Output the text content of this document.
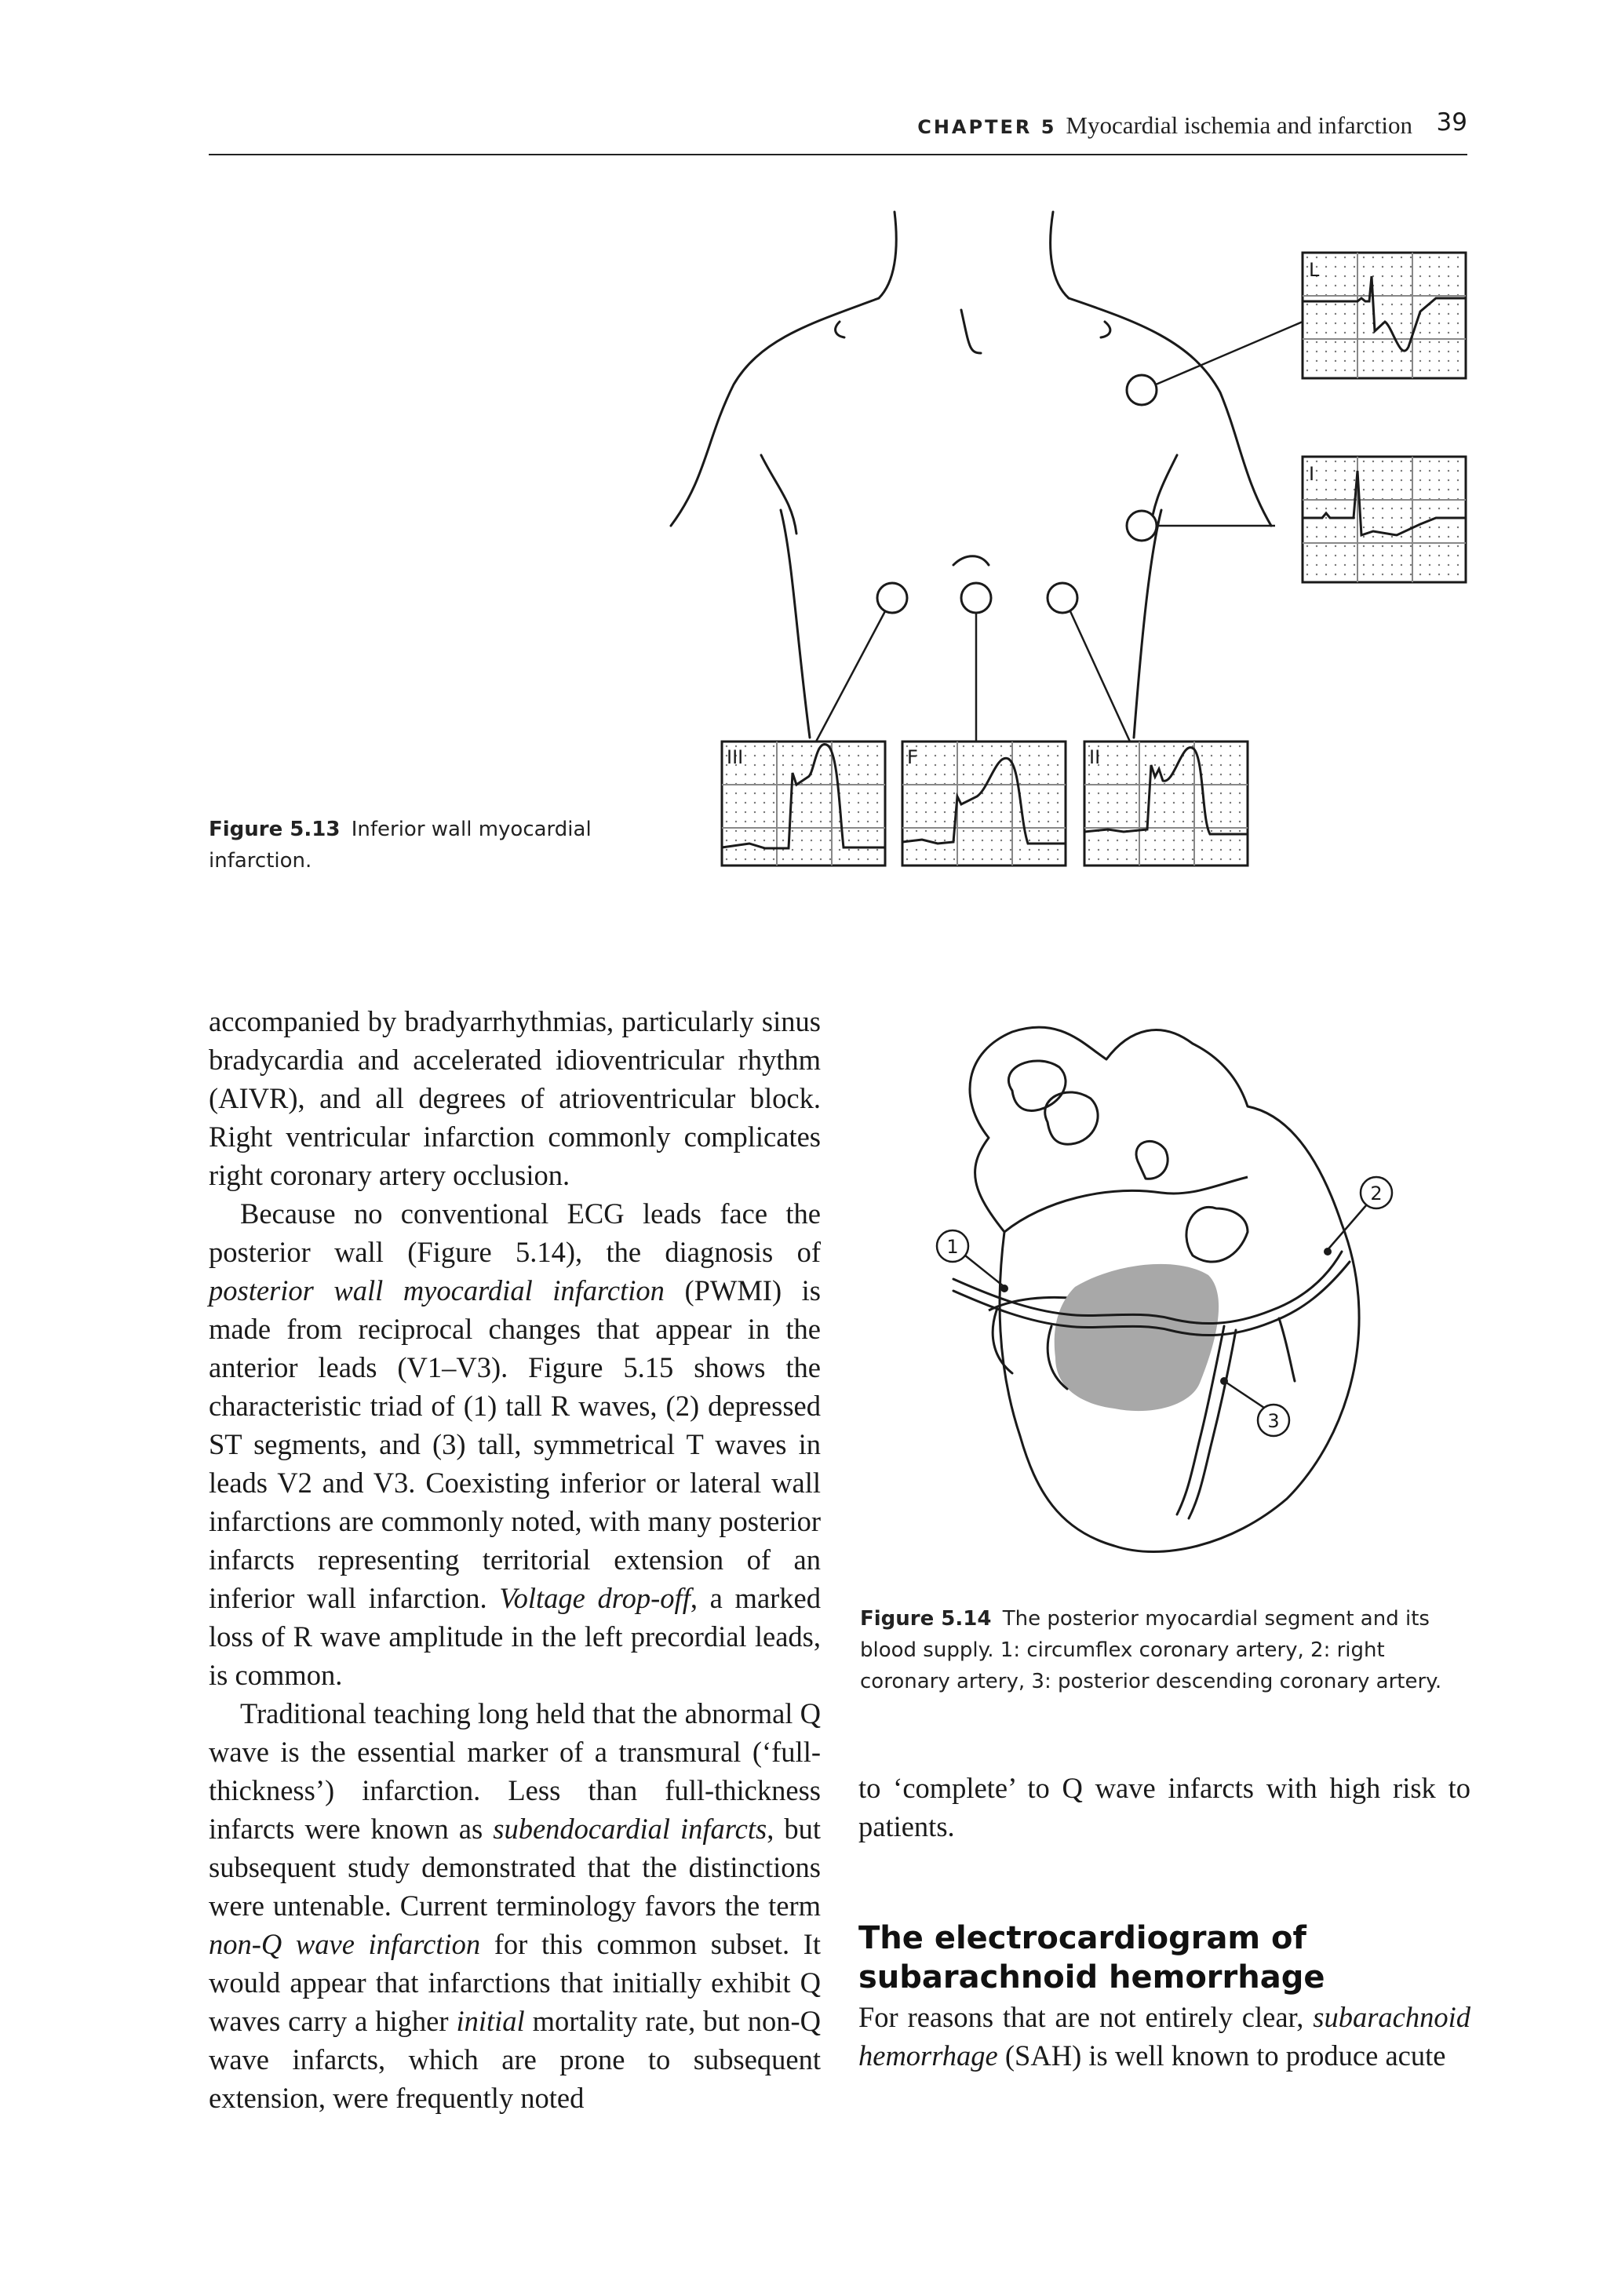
CHAPTER 5 Myocardial ischemia and infarction 39
L
I
III	F	II
Figure 5.13 Inferior wall myocardial infarction.
1
2
3
Figure 5.14 The posterior myocardial segment and its blood supply. 1: circumflex coronary artery, 2: right coronary artery, 3: posterior descending coronary artery.

accompanied by bradyarrhythmias, particularly sinus bradycardia and accelerated idioventricular rhythm (AIVR), and all degrees of atrioventricular block. Right ventricular infarction commonly complicates right coronary artery occlusion.

Because no conventional ECG leads face the posterior wall (Figure 5.14), the diagnosis of posterior wall myocardial infarction (PWMI) is made from reciprocal changes that appear in the anterior leads (V1–V3). Figure 5.15 shows the characteristic triad of (1) tall R waves, (2) depressed ST segments, and (3) tall, symmetrical T waves in leads V2 and V3. Coexisting inferior or lateral wall infarctions are commonly noted, with many posterior infarcts representing territorial extension of an inferior wall infarction. Voltage drop-off, a marked loss of R wave amplitude in the left precordial leads, is common.

Traditional teaching long held that the abnormal Q wave is the essential marker of a transmural (‘full-thickness’) infarction. Less than full-thickness infarcts were known as subendocardial infarcts, but subsequent study demonstrated that the distinctions were untenable. Current terminology favors the term non-Q wave infarction for this common subset. It would appear that infarctions that initially exhibit Q waves carry a higher initial mortality rate, but non-Q wave infarcts, which are prone to subsequent extension, were frequently noted

to ‘complete’ to Q wave infarcts with high risk to patients.

The electrocardiogram of subarachnoid hemorrhage

For reasons that are not entirely clear, subarachnoid hemorrhage (SAH) is well known to produce acute
